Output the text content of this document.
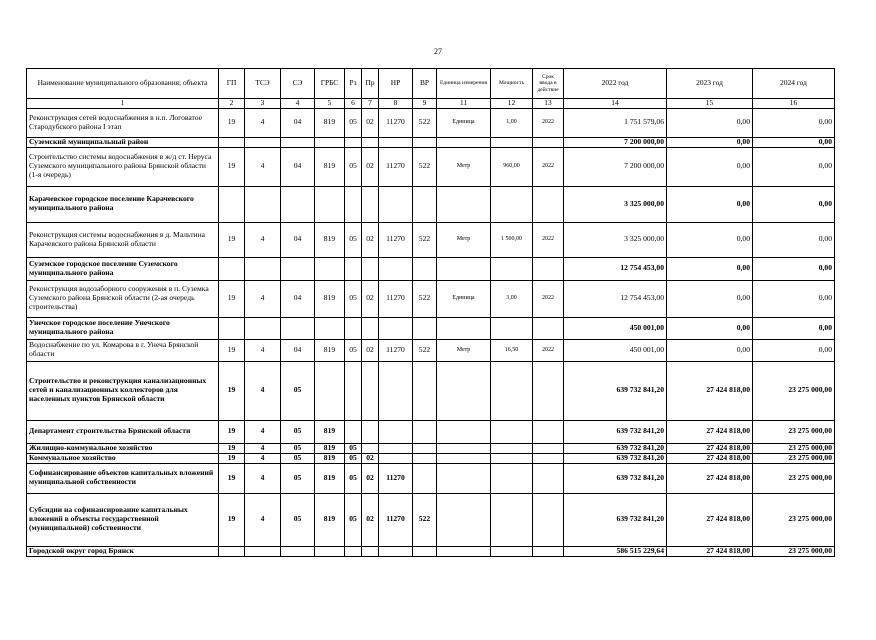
27
Наименование муниципального образования; объекта	ГП	ТСЭ	СЭ	ГРБС	Рз	Пр	НР	ВР	Единица измерения	Мощность	Срок ввода в действие	2022 год	2023 год	2024 год
1	2	3	4	5	6	7	8	9	11	12	13	14	15	16
Реконструкция сетей водоснабжения в н.п. Логоватое Стародубского района I этап	19	4	04	819	05	02	11270	522	Единица	1,00	2022	1 751 579,06	0,00	0,00
Суземский муниципальный район												7 200 000,00	0,00	0,00
Строительство системы водоснабжения в ж/д ст. Неруса Суземского муниципального района Брянской области (1-я очередь)	19	4	04	819	05	02	11270	522	Метр	960,00	2022	7 200 000,00	0,00	0,00
Карачевское городское поселение Карачевского муниципального района												3 325 000,00	0,00	0,00
Реконструкция системы водоснабжения в д. Мальтина Карачевского района Брянской области	19	4	04	819	05	02	11270	522	Метр	1 500,00	2022	3 325 000,00	0,00	0,00
Суземское городское поселение Суземского муниципального района												12 754 453,00	0,00	0,00
Реконструкция водозаборного сооружения в п. Суземка Суземского района Брянской области (2-ая очередь строительства)	19	4	04	819	05	02	11270	522	Единица	3,00	2022	12 754 453,00	0,00	0,00
Унечское городское поселение Унечского муниципального района												450 001,00	0,00	0,00
Водоснабжение по ул. Комарова в г. Унеча Брянской области	19	4	04	819	05	02	11270	522	Метр	16,50	2022	450 001,00	0,00	0,00
Строительство и реконструкция канализационных сетей и канализационных коллекторов для населенных пунктов Брянской области	19	4	05									639 732 841,20	27 424 818,00	23 275 000,00
Департамент строительства Брянской области	19	4	05	819								639 732 841,20	27 424 818,00	23 275 000,00
Жилищно-коммунальное хозяйство	19	4	05	819	05							639 732 841,20	27 424 818,00	23 275 000,00
Коммунальное хозяйство	19	4	05	819	05	02						639 732 841,20	27 424 818,00	23 275 000,00
Софинансирование объектов капитальных вложений муниципальной собственности	19	4	05	819	05	02	11270					639 732 841,20	27 424 818,00	23 275 000,00
Субсидии на софинансирование капитальных вложений в объекты государственной (муниципальной) собственности	19	4	05	819	05	02	11270	522				639 732 841,20	27 424 818,00	23 275 000,00
Городской округ город Брянск												586 515 229,64	27 424 818,00	23 275 000,00
